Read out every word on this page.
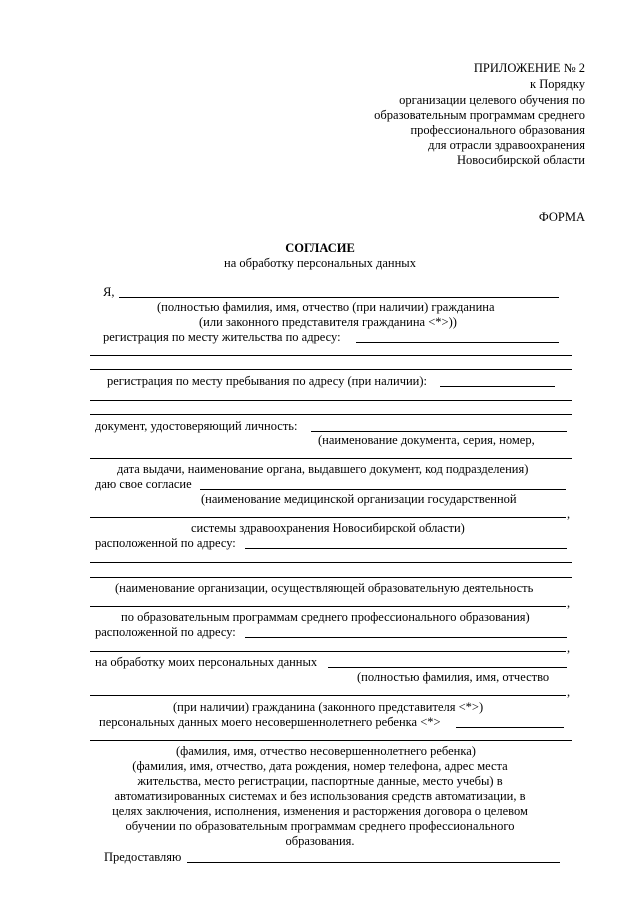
ПРИЛОЖЕНИЕ № 2
к Порядку
организации целевого обучения по
образовательным программам среднего
профессионального образования
для отрасли здравоохранения
Новосибирской области
ФОРМА
СОГЛАСИЕ
на обработку персональных данных
Я,
(полностью фамилия, имя, отчество (при наличии) гражданина
(или законного представителя гражданина <*>))
регистрация по месту жительства по адресу:
регистрация по месту пребывания по адресу (при наличии):
документ, удостоверяющий личность:
(наименование документа, серия, номер,
дата выдачи, наименование органа, выдавшего документ, код подразделения)
даю свое согласие
(наименование медицинской организации государственной
,
системы здравоохранения Новосибирской области)
расположенной по адресу:
(наименование организации, осуществляющей образовательную деятельность
,
по образовательным программам среднего профессионального образования)
расположенной по адресу:
,
на обработку моих персональных данных
(полностью фамилия, имя, отчество
,
(при наличии) гражданина (законного представителя <*>)
персональных данных моего несовершеннолетнего ребенка <*>
(фамилия, имя, отчество несовершеннолетнего ребенка)
(фамилия, имя, отчество, дата рождения, номер телефона, адрес места
жительства, место регистрации, паспортные данные, место учебы) в
автоматизированных системах и без использования средств автоматизации, в
целях заключения, исполнения, изменения и расторжения договора о целевом
обучении по образовательным программам среднего профессионального
образования.
Предоставляю
